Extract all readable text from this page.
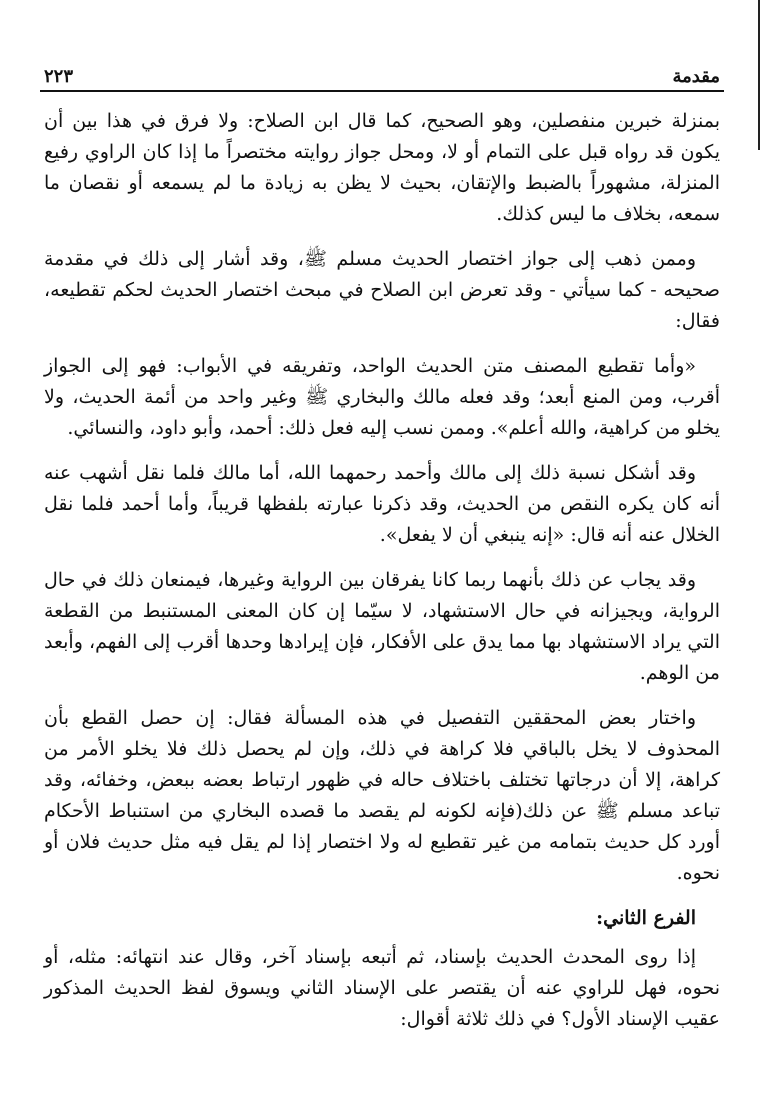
مقدمة
٢٢٣

بمنزلة خبرين منفصلين، وهو الصحيح، كما قال ابن الصلاح: ولا فرق في هذا بين أن يكون قد رواه قبل على التمام أو لا، ومحل جواز روايته مختصراً ما إذا كان الراوي رفيع المنزلة، مشهوراً بالضبط والإتقان، بحيث لا يظن به زيادة ما لم يسمعه أو نقصان ما سمعه، بخلاف ما ليس كذلك.

وممن ذهب إلى جواز اختصار الحديث مسلم ﷺ، وقد أشار إلى ذلك في مقدمة صحيحه - كما سيأتي - وقد تعرض ابن الصلاح في مبحث اختصار الحديث لحكم تقطيعه، فقال:

«وأما تقطيع المصنف متن الحديث الواحد، وتفريقه في الأبواب: فهو إلى الجواز أقرب، ومن المنع أبعد؛ وقد فعله مالك والبخاري ﷺ وغير واحد من أئمة الحديث، ولا يخلو من كراهية، والله أعلم». وممن نسب إليه فعل ذلك: أحمد، وأبو داود، والنسائي.

وقد أشكل نسبة ذلك إلى مالك وأحمد رحمهما الله، أما مالك فلما نقل أشهب عنه أنه كان يكره النقص من الحديث، وقد ذكرنا عبارته بلفظها قريباً، وأما أحمد فلما نقل الخلال عنه أنه قال: «إنه ينبغي أن لا يفعل».

وقد يجاب عن ذلك بأنهما ربما كانا يفرقان بين الرواية وغيرها، فيمنعان ذلك في حال الرواية، ويجيزانه في حال الاستشهاد، لا سيّما إن كان المعنى المستنبط من القطعة التي يراد الاستشهاد بها مما يدق على الأفكار، فإن إيرادها وحدها أقرب إلى الفهم، وأبعد من الوهم.

واختار بعض المحققين التفصيل في هذه المسألة فقال: إن حصل القطع بأن المحذوف لا يخل بالباقي فلا كراهة في ذلك، وإن لم يحصل ذلك فلا يخلو الأمر من كراهة، إلا أن درجاتها تختلف باختلاف حاله في ظهور ارتباط بعضه ببعض، وخفائه، وقد تباعد مسلم ﷺ عن ذلك(فإنه لكونه لم يقصد ما قصده البخاري من استنباط الأحكام أورد كل حديث بتمامه من غير تقطيع له ولا اختصار إذا لم يقل فيه مثل حديث فلان أو نحوه.

الفرع الثاني:

إذا روى المحدث الحديث بإسناد، ثم أتبعه بإسناد آخر، وقال عند انتهائه: مثله، أو نحوه، فهل للراوي عنه أن يقتصر على الإسناد الثاني ويسوق لفظ الحديث المذكور عقيب الإسناد الأول؟ في ذلك ثلاثة أقوال:
